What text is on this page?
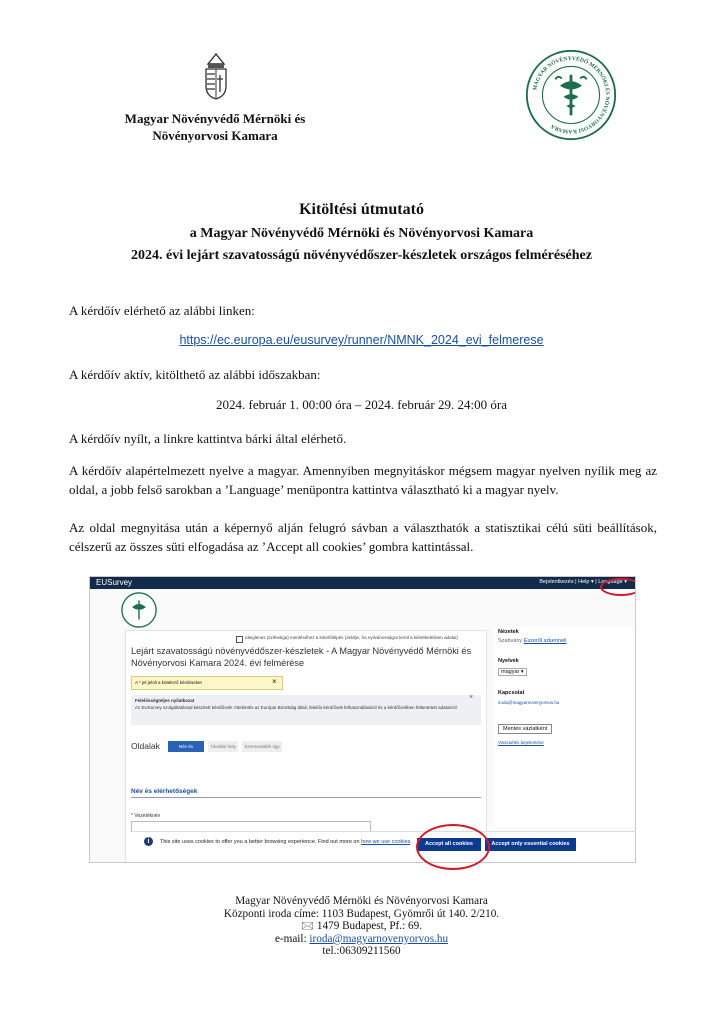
Magyar Növényvédő Mérnöki és
Növényorvosi Kamara
MAGYAR NÖVÉNYVÉDŐ MÉRNÖKI ÉS NÖVÉNYORVOSI KAMARA
Kitöltési útmutató
a Magyar Növényvédő Mérnöki és Növényorvosi Kamara
2024. évi lejárt szavatosságú növényvédőszer-készletek országos felméréséhez
A kérdőív elérhető az alábbi linken:
https://ec.europa.eu/eusurvey/runner/NMNK_2024_evi_felmerese
A kérdőív aktív, kitölthető az alábbi időszakban:
2024. február 1. 00:00 óra – 2024. február 29. 24:00 óra
A kérdőív nyílt, a linkre kattintva bárki által elérhető.
A kérdőív alapértelmezett nyelve a magyar. Amennyiben megnyitáskor mégsem magyar nyelven nyílik meg az oldal, a jobb felső sarokban a ’Language’ menüpontra kattintva választható ki a magyar nyelv.
Az oldal megnyitása után a képernyő alján felugró sávban a választhatók a statisztikai célú süti beállítások, célszerű az összes süti elfogadása az ’Accept all cookies’ gombra kattintással.
EUSurvey	Bejelentkezés | Help ▾ | Language ▾
Ideiglenes (sztlnetiga) mentéséhez a kötelőtlépés (Jelölje, ha nyilvánosságra kerül a kiértékelésben adatai)
Lejárt szavatosságú növényvédőszer-készletek - A Magyar Növényvédő Mérnöki és Növényorvosi Kamara 2024. évi felmérése
A * jel jelöli a kötelező kérdéseket	×
Felelősségteljes nyilatkozat
Az EUSurvey szolgáltatással készített kérdőívek! Áttekintés az Európai Bizottság általi, felelős kérdőívek felhasználásáról és a kérdőívekben feltüntetett adatokról.
×
Oldalak	Név és elérhetőségek
Tárolási hely	Szermaradék ügy
Név és elérhetőségek
* Vezetéknév
Nézetek
Szabvány Eszerűl szkenneli
Nyelvek
magyar ▾
Kapcsolat
iroda@magyarnovenyorvos.hu
Mentés vázlatként
Visszaélés bejelentése
i	This site uses cookies to offer you a better browsing experience. Find out more on how we use cookies.	Accept all cookies	Accept only essential cookies
Magyar Növényvédő Mérnöki és Növényorvosi Kamara
Központi iroda címe: 1103 Budapest, Gyömrői út 140. 2/210.
🖂 1479 Budapest, Pf.: 69.
e-mail: iroda@magyarnovenyorvos.hu
tel.:06309211560
